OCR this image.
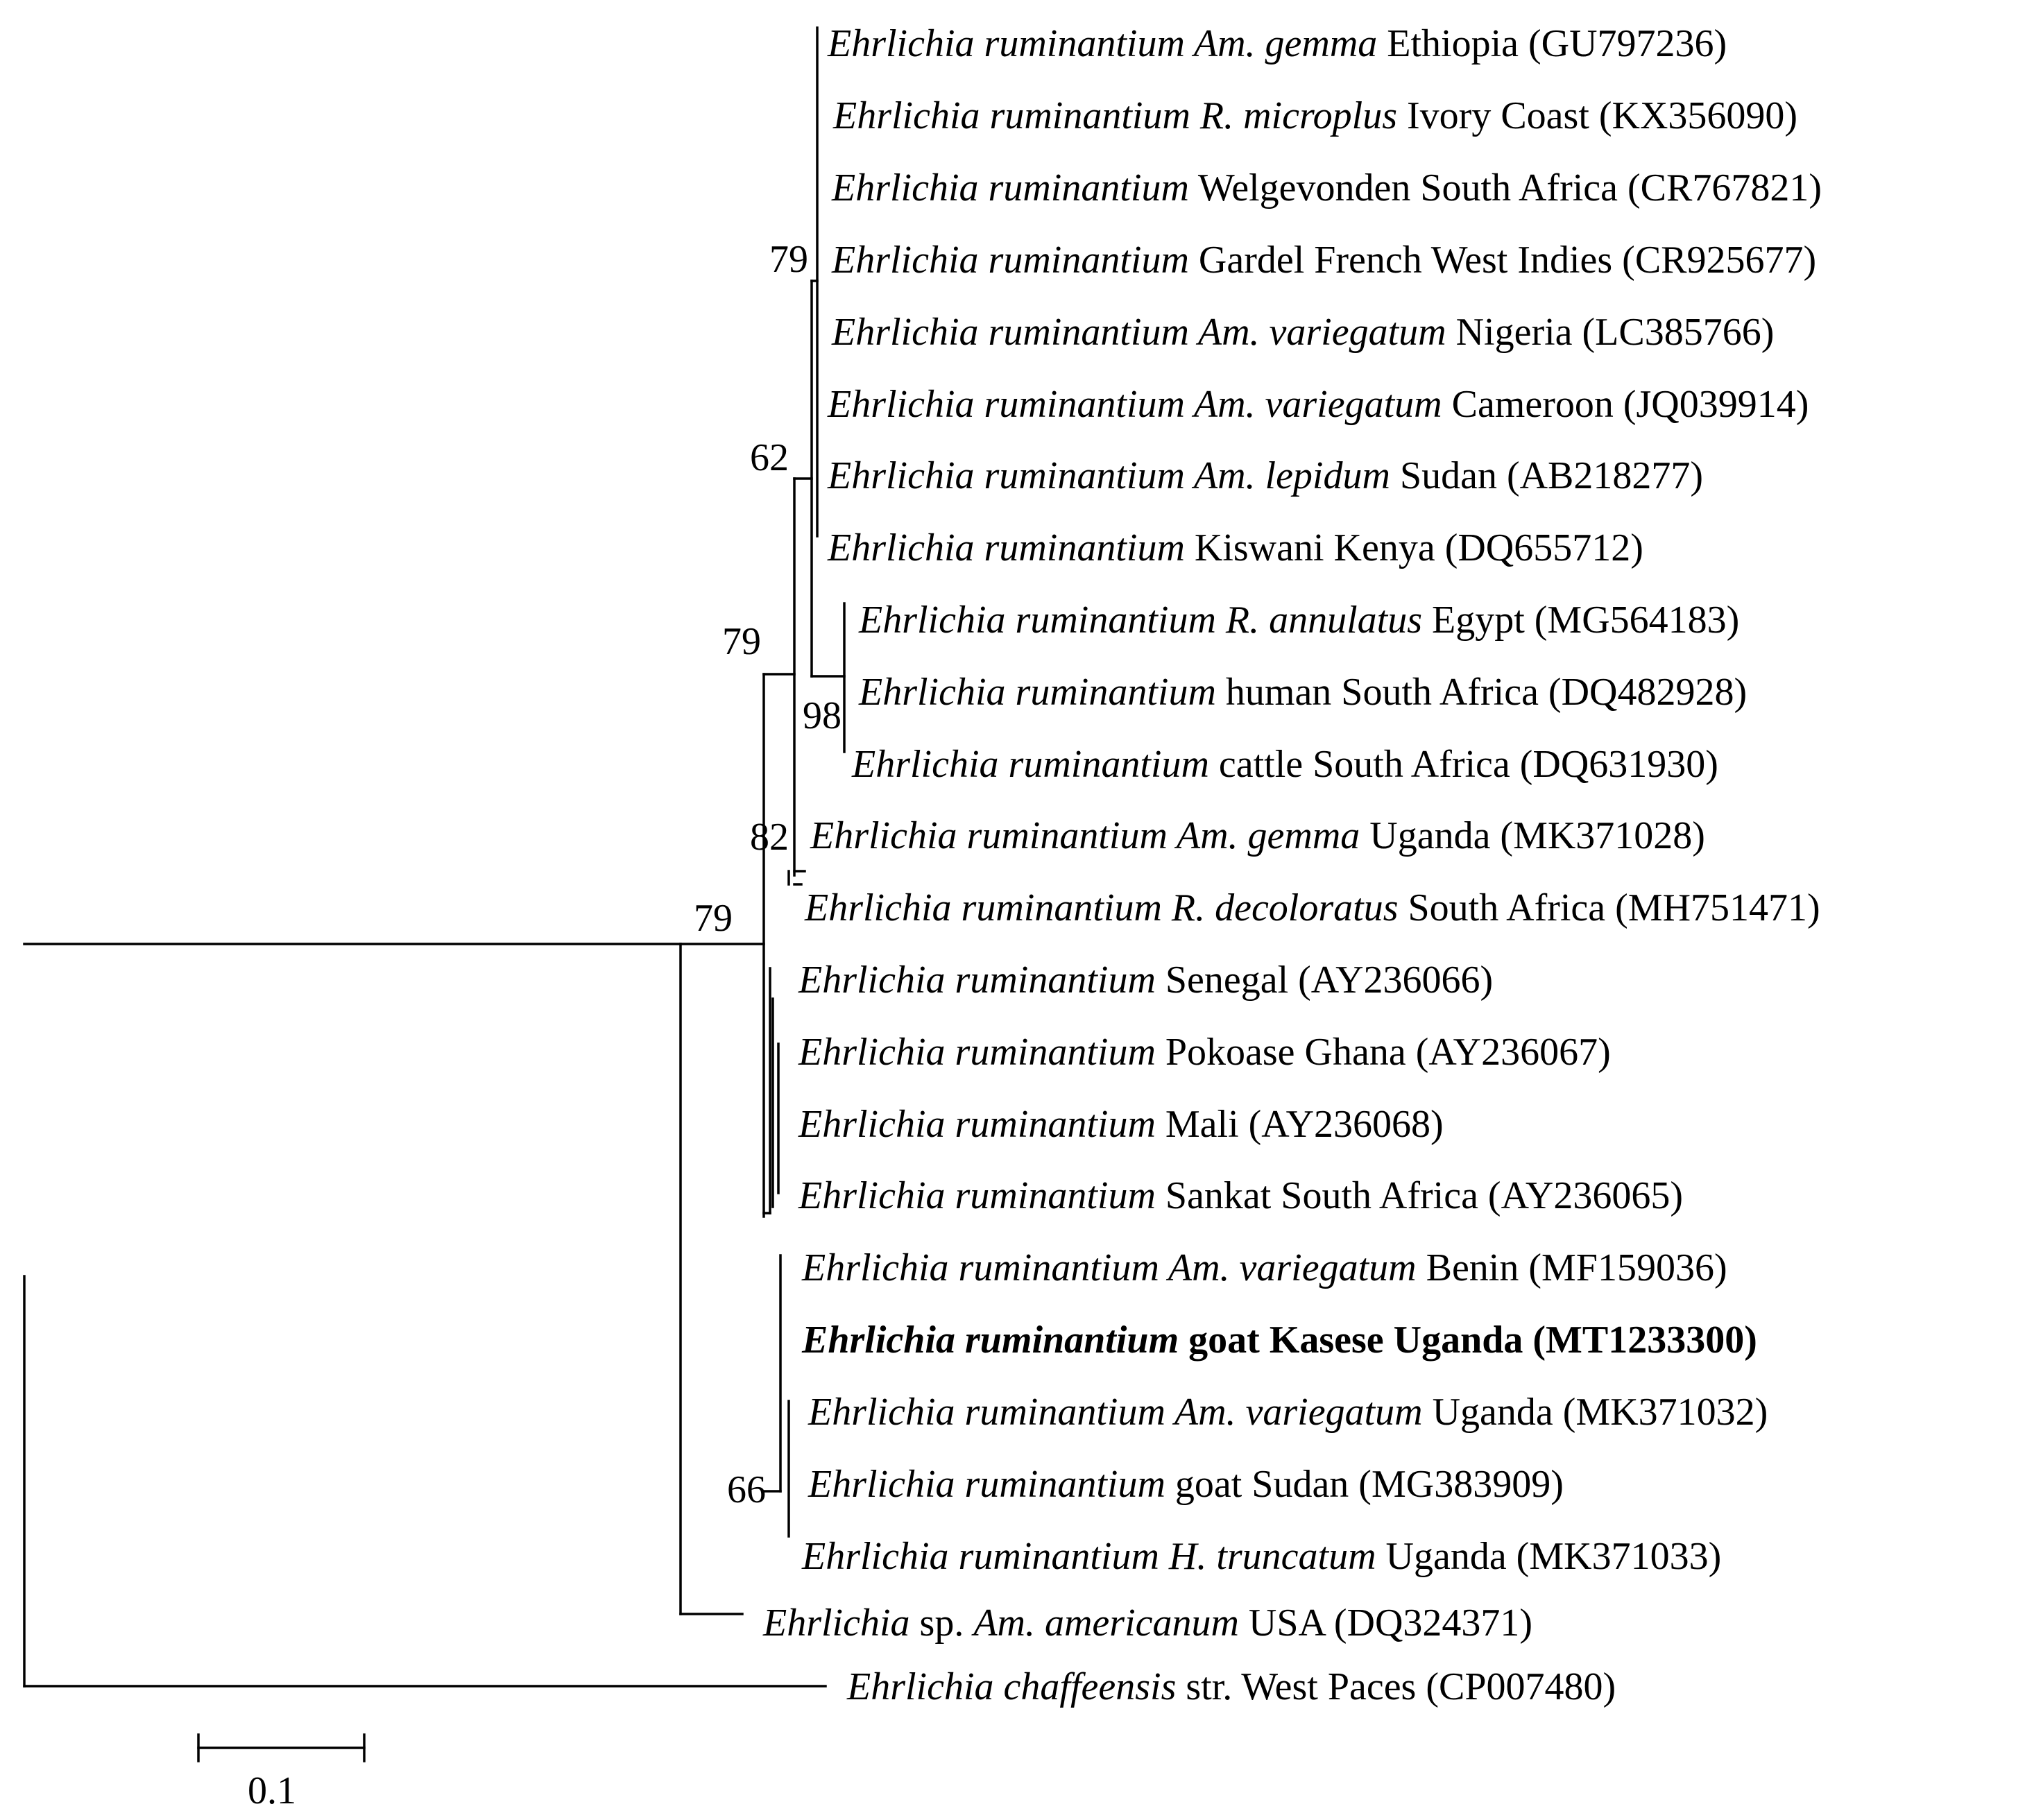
Ehrlichia ruminantium Am. gemma Ethiopia (GU797236)
Ehrlichia ruminantium R. microplus Ivory Coast (KX356090)
Ehrlichia ruminantium Welgevonden South Africa (CR767821)
Ehrlichia ruminantium Gardel French West Indies (CR925677)
Ehrlichia ruminantium Am. variegatum Nigeria (LC385766)
Ehrlichia ruminantium Am. variegatum Cameroon (JQ039914)
Ehrlichia ruminantium Am. lepidum Sudan (AB218277)
Ehrlichia ruminantium Kiswani Kenya (DQ655712)
Ehrlichia ruminantium R. annulatus Egypt (MG564183)
Ehrlichia ruminantium human South Africa (DQ482928)
Ehrlichia ruminantium cattle South Africa (DQ631930)
Ehrlichia ruminantium Am. gemma Uganda (MK371028)
Ehrlichia ruminantium R. decoloratus South Africa (MH751471)
Ehrlichia ruminantium Senegal (AY236066)
Ehrlichia ruminantium Pokoase Ghana (AY236067)
Ehrlichia ruminantium Mali (AY236068)
Ehrlichia ruminantium Sankat South Africa (AY236065)
Ehrlichia ruminantium Am. variegatum Benin (MF159036)
Ehrlichia ruminantium goat Kasese Uganda (MT1233300)
Ehrlichia ruminantium Am. variegatum Uganda (MK371032)
Ehrlichia ruminantium goat Sudan (MG383909)
Ehrlichia ruminantium H. truncatum Uganda (MK371033)
Ehrlichia sp. Am. americanum USA (DQ324371)
Ehrlichia chaffeensis str. West Paces (CP007480)
79
62
79
98
82
79
66
0.1
